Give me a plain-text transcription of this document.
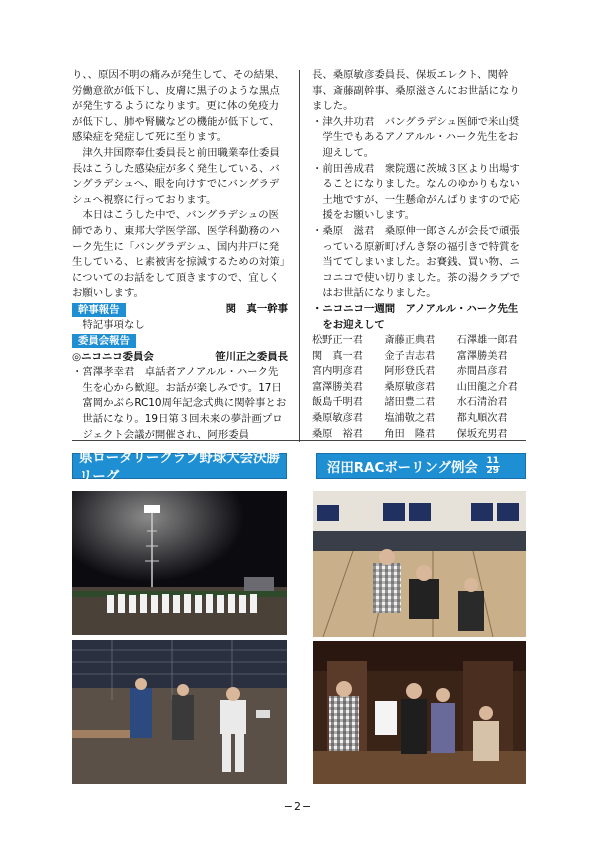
り、、原因不明の痛みが発生して、その結果、労働意欲が低下し、皮膚に黒子のような黒点が発生するようになります。更に体の免疫力が低下し、肺や腎臓などの機能が低下して、感染症を発症して死に至ります。

津久井国際奉仕委員長と前田職業奉仕委員長はこうした感染症が多く発生している、バングラデシュへ、眼を向けすでにバングラデシュへ視察に行っております。

本日はこうした中で、バングラデシュの医師であり、東邦大学医学部、医学科勤務のハーク先生に「バングラデシュ、国内井戸に発生している、ヒ素被害を掠減するための対策」についてのお話をして頂きますので、宜しくお願いします。

幹事報告	関　真一幹事

特記事項なし

委員会報告
◎ニコニコ委員会	笹川正之委員長

・宮澤孝幸君　卓話者アノアルル・ハーク先生を心から歓迎。お話が楽しみです。17日富岡かぶらRC10周年記念式典に関幹事とお世話になり。19日第３回未来の夢計画プロジェクト会議が開催され、阿形委員

長、桑原敏彦委員長、保坂エレクト、関幹事、斎藤副幹事、桑原滋さんにお世話になりました。

・津久井功君　バングラデシュ医師で米山奨学生でもあるアノアルル・ハーク先生をお迎えして。

・前田善成君　衆院選に茨城３区より出場することになりました。なんのゆかりもない土地ですが、一生懸命がんばりますので応援をお願いします。

・桑原　滋君　桑原伸一郎さんが会長で頑張っている原新町げんき祭の福引きで特賞を当ててしまいました。お賽銭、買い物、ニコニコで使い切りました。茶の湯クラブではお世話になりました。

・ニコニコ一週間　アノアルル・ハーク先生をお迎えして

松野正一君	斎藤正典君	石澤雄一郎君
関　真一君	金子吉志君	富澤勝美君
宮内明彦君	阿形登氏君	赤間昌彦君
富澤勝美君	桑原敏彦君	山田龍之介君
飯島千明君	諸田豊二君	水石清治君
桑原敏彦君	塩浦敬之君	都丸順次君
桑原　裕君	角田　隆君	保坂充男君
県ロータリークラブ野球大会決勝リーグ
沼田RACボーリング例会 $\frac{11}{29}$
−2−
